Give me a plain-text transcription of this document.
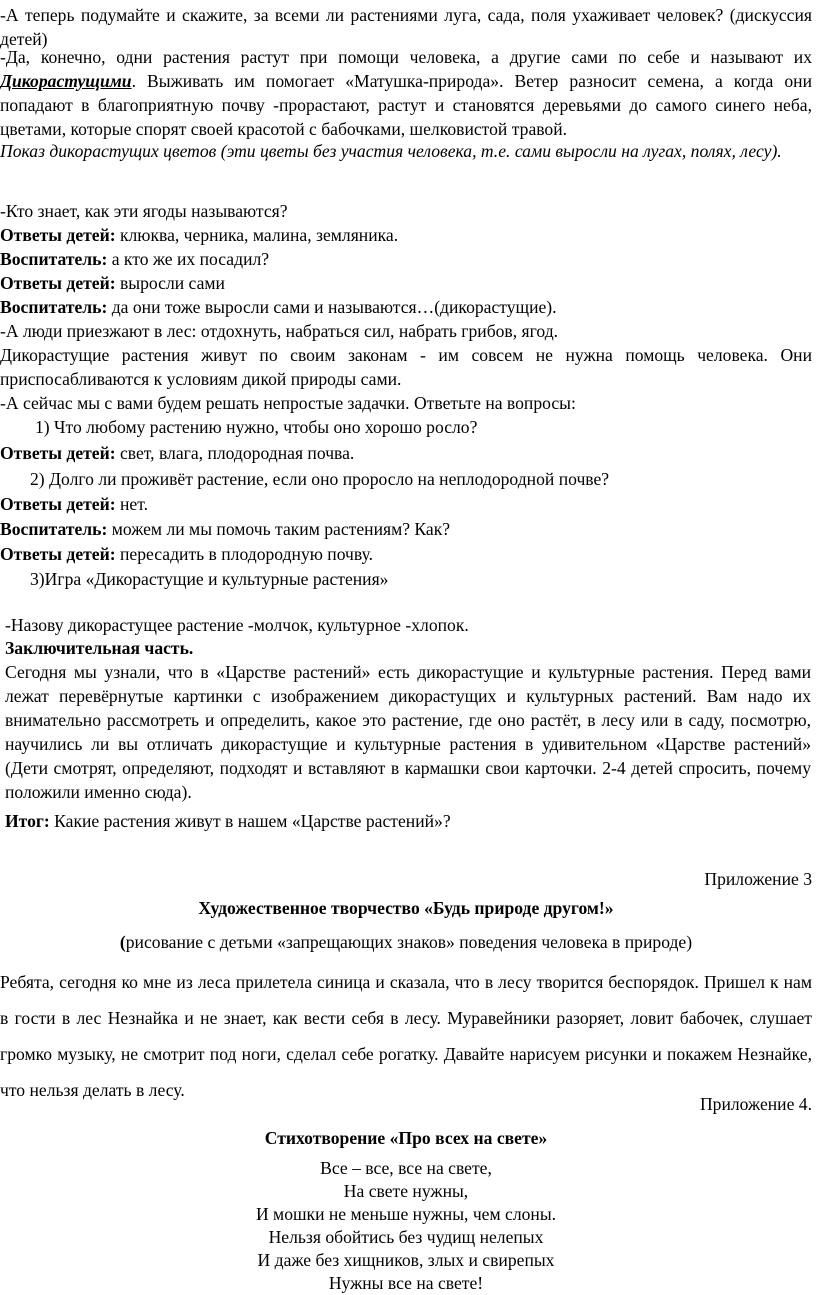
-А теперь подумайте и скажите, за всеми ли растениями луга, сада, поля ухаживает человек? (дискуссия детей)

-Да, конечно, одни растения растут при помощи человека, а другие сами по себе и называют их Дикорастущими. Выживать им помогает «Матушка-природа». Ветер разносит семена, а когда они попадают в благоприятную почву -прорастают, растут и становятся деревьями до самого синего неба, цветами, которые спорят своей красотой с бабочками, шелковистой травой.

Показ дикорастущих цветов (эти цветы без участия человека, т.е. сами выросли на лугах, полях, лесу).

-Кто знает, как эти ягоды называются?

Ответы детей: клюква, черника, малина, земляника.

Воспитатель: а кто же их посадил?

Ответы детей: выросли сами

Воспитатель: да они тоже выросли сами и называются…(дикорастущие).

-А люди приезжают в лес: отдохнуть, набраться сил, набрать грибов, ягод.

Дикорастущие растения живут по своим законам - им совсем не нужна помощь человека. Они приспосабливаются к условиям дикой природы сами.

-А сейчас мы с вами будем решать непростые задачки. Ответьте на вопросы:

1) Что любому растению нужно, чтобы оно хорошо росло?

Ответы детей: свет, влага, плодородная почва.

2) Долго ли проживёт растение, если оно проросло на неплодородной почве?

Ответы детей: нет.

Воспитатель: можем ли мы помочь таким растениям? Как?

Ответы детей: пересадить в плодородную почву.

3)Игра «Дикорастущие и культурные растения»

-Назову дикорастущее растение -молчок, культурное -хлопок.

Заключительная часть.

Сегодня мы узнали, что в «Царстве растений» есть дикорастущие и культурные растения. Перед вами лежат перевёрнутые картинки с изображением дикорастущих и культурных растений. Вам надо их внимательно рассмотреть и определить, какое это растение, где оно растёт, в лесу или в саду, посмотрю, научились ли вы отличать дикорастущие и культурные растения в удивительном «Царстве растений» (Дети смотрят, определяют, подходят и вставляют в кармашки свои карточки. 2-4 детей спросить, почему положили именно сюда).

Итог: Какие растения живут в нашем «Царстве растений»?

Приложение 3

Художественное творчество «Будь природе другом!»

(рисование с детьми «запрещающих знаков» поведения человека в природе)

Ребята, сегодня ко мне из леса прилетела синица и сказала, что в лесу творится беспорядок. Пришел к нам в гости в лес Незнайка и не знает, как вести себя в лесу. Муравейники разоряет, ловит бабочек, слушает громко музыку, не смотрит под ноги, сделал себе рогатку. Давайте нарисуем рисунки и покажем Незнайке, что нельзя делать в лесу.

Приложение 4.

Стихотворение «Про всех на свете»

Все – все, все на свете,

На свете нужны,

И мошки не меньше нужны, чем слоны.

Нельзя обойтись без чудищ нелепых

И даже без хищников, злых и свирепых

Нужны все на свете!
